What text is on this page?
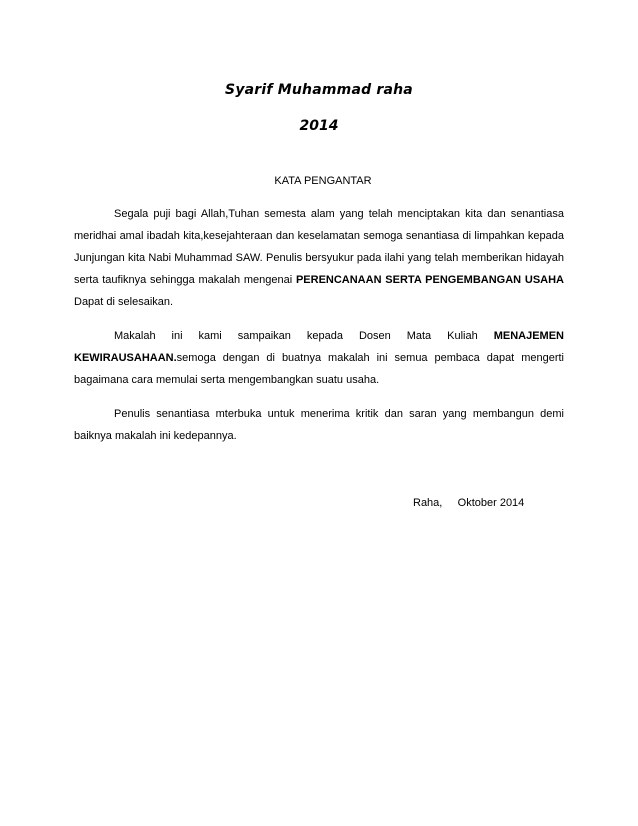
Syarif Muhammad raha
2014
KATA PENGANTAR

Segala puji bagi Allah,Tuhan semesta alam yang telah menciptakan kita dan senantiasa meridhai amal ibadah kita,kesejahteraan dan keselamatan semoga senantiasa di limpahkan kepada Junjungan kita Nabi Muhammad SAW. Penulis bersyukur pada ilahi yang telah memberikan hidayah serta taufiknya sehingga makalah mengenai PERENCANAAN SERTA PENGEMBANGAN USAHA Dapat di selesaikan.

Makalah ini kami sampaikan kepada Dosen Mata Kuliah MENAJEMEN KEWIRAUSAHAAN.semoga dengan di buatnya makalah ini semua pembaca dapat mengerti bagaimana cara memulai serta mengembangkan suatu usaha.

Penulis senantiasa mterbuka untuk menerima kritik dan saran yang membangun demi baiknya makalah ini kedepannya.

Raha, Oktober 2014
